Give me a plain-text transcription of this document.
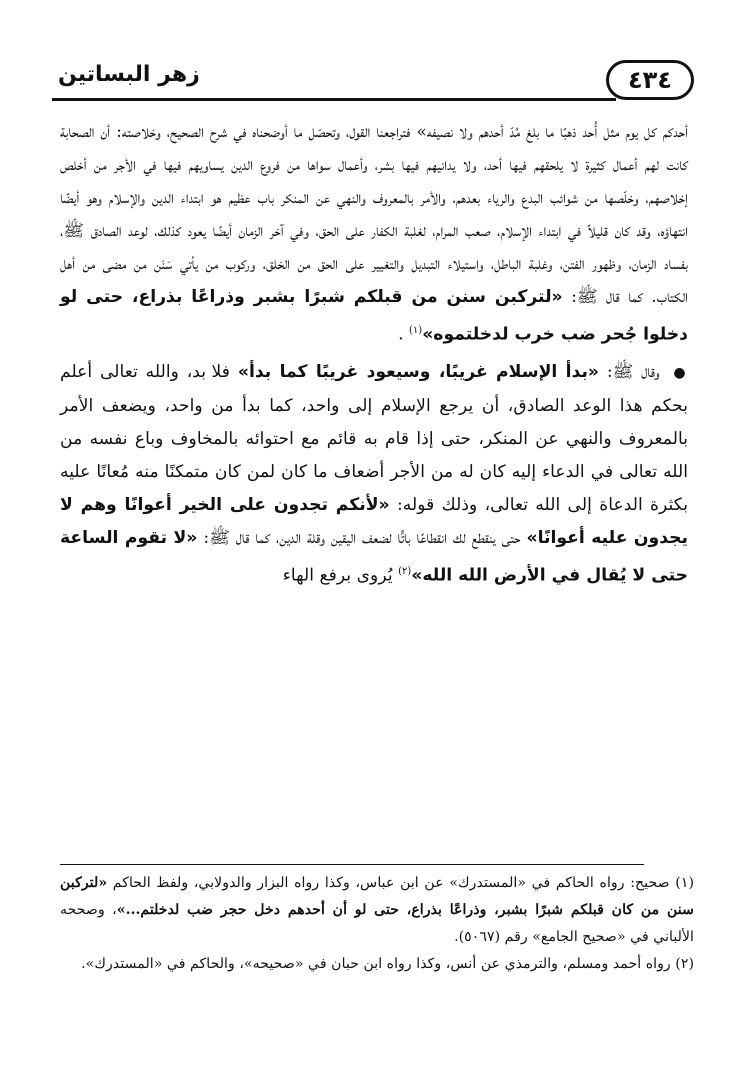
٤٣٤
زهر البساتين

أحدكم كل يوم مثل أُحد ذهبًا ما بلغ مُدّ أحدهم ولا نصيفه» فتراجعنا القول، وتحصّل ما أوضحناه في شرح الصحيح، وخلاصته: أن الصحابة كانت لهم أعمال كثيرة لا يلحقهم فيها أحد، ولا يدانيهم فيها بشر، وأعمال سواها من فروع الدين يساويهم فيها في الأجر من أخلص إخلاصهم، وخلّصها من شوائب البدع والرياء بعدهم، والأمر بالمعروف والنهي عن المنكر باب عظيم هو ابتداء الدين والإسلام وهو أيضًا انتهاؤه، وقد كان قليلاً في ابتداء الإسلام، صعب المرام، لغلبة الكفار على الحق، وفي آخر الزمان أيضًا يعود كذلك، لوعد الصادق ﷺ، بفساد الزمان، وظهور الفتن، وغلبة الباطل، واستيلاء التبديل والتغيير على الحق من الخلق، وركوب من يأتي سَنَن من مضى من أهل الكتاب. كما قال ﷺ: «لتركبن سنن من قبلكم شبرًا بشبر وذراعًا بذراع، حتى لو دخلوا جُحر ضب خرب لدخلتموه»$^{(١)}$ .

● وقال ﷺ: «بدأ الإسلام غريبًا، وسيعود غريبًا كما بدأ» فلا بد، والله تعالى أعلم بحكم هذا الوعد الصادق، أن يرجع الإسلام إلى واحد، كما بدأ من واحد، ويضعف الأمر بالمعروف والنهي عن المنكر، حتى إذا قام به قائم مع احتوائه بالمخاوف وباع نفسه من الله تعالى في الدعاء إليه كان له من الأجر أضعاف ما كان لمن كان متمكنًا منه مُعانًا عليه بكثرة الدعاة إلى الله تعالى، وذلك قوله: «لأنكم تجدون على الخير أعوانًا وهم لا يجدون عليه أعوانًا» حتى ينقطع لك انقطاعًا باتًّا لضعف اليقين وقلة الدين، كما قال ﷺ: «لا تقوم الساعة حتى لا يُقال في الأرض الله الله»$^{(٢)}$ يُروى برفع الهاء

(١) صحيح: رواه الحاكم في «المستدرك» عن ابن عباس، وكذا رواه البزار والدولابي، ولفظ الحاكم «لتركبن سنن من كان قبلكم شبرًا بشبر، وذراعًا بذراع، حتى لو أن أحدهم دخل حجر ضب لدخلتم...»، وصححه الألباني في «صحيح الجامع» رقم (٥٠٦٧).

(٢) رواه أحمد ومسلم، والترمذي عن أنس، وكذا رواه ابن حبان في «صحيحه»، والحاكم في «المستدرك».
